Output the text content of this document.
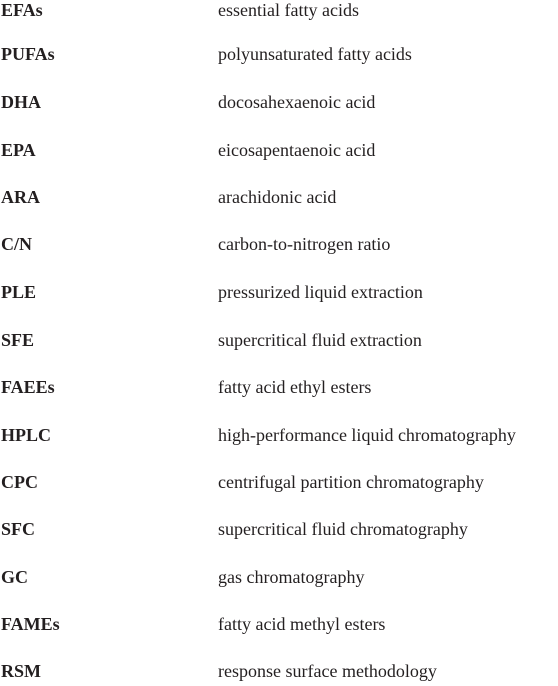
EFAs	essential fatty acids
PUFAs	polyunsaturated fatty acids
DHA	docosahexaenoic acid
EPA	eicosapentaenoic acid
ARA	arachidonic acid
C/N	carbon-to-nitrogen ratio
PLE	pressurized liquid extraction
SFE	supercritical fluid extraction
FAEEs	fatty acid ethyl esters
HPLC	high-performance liquid chromatography
CPC	centrifugal partition chromatography
SFC	supercritical fluid chromatography
GC	gas chromatography
FAMEs	fatty acid methyl esters
RSM	response surface methodology
